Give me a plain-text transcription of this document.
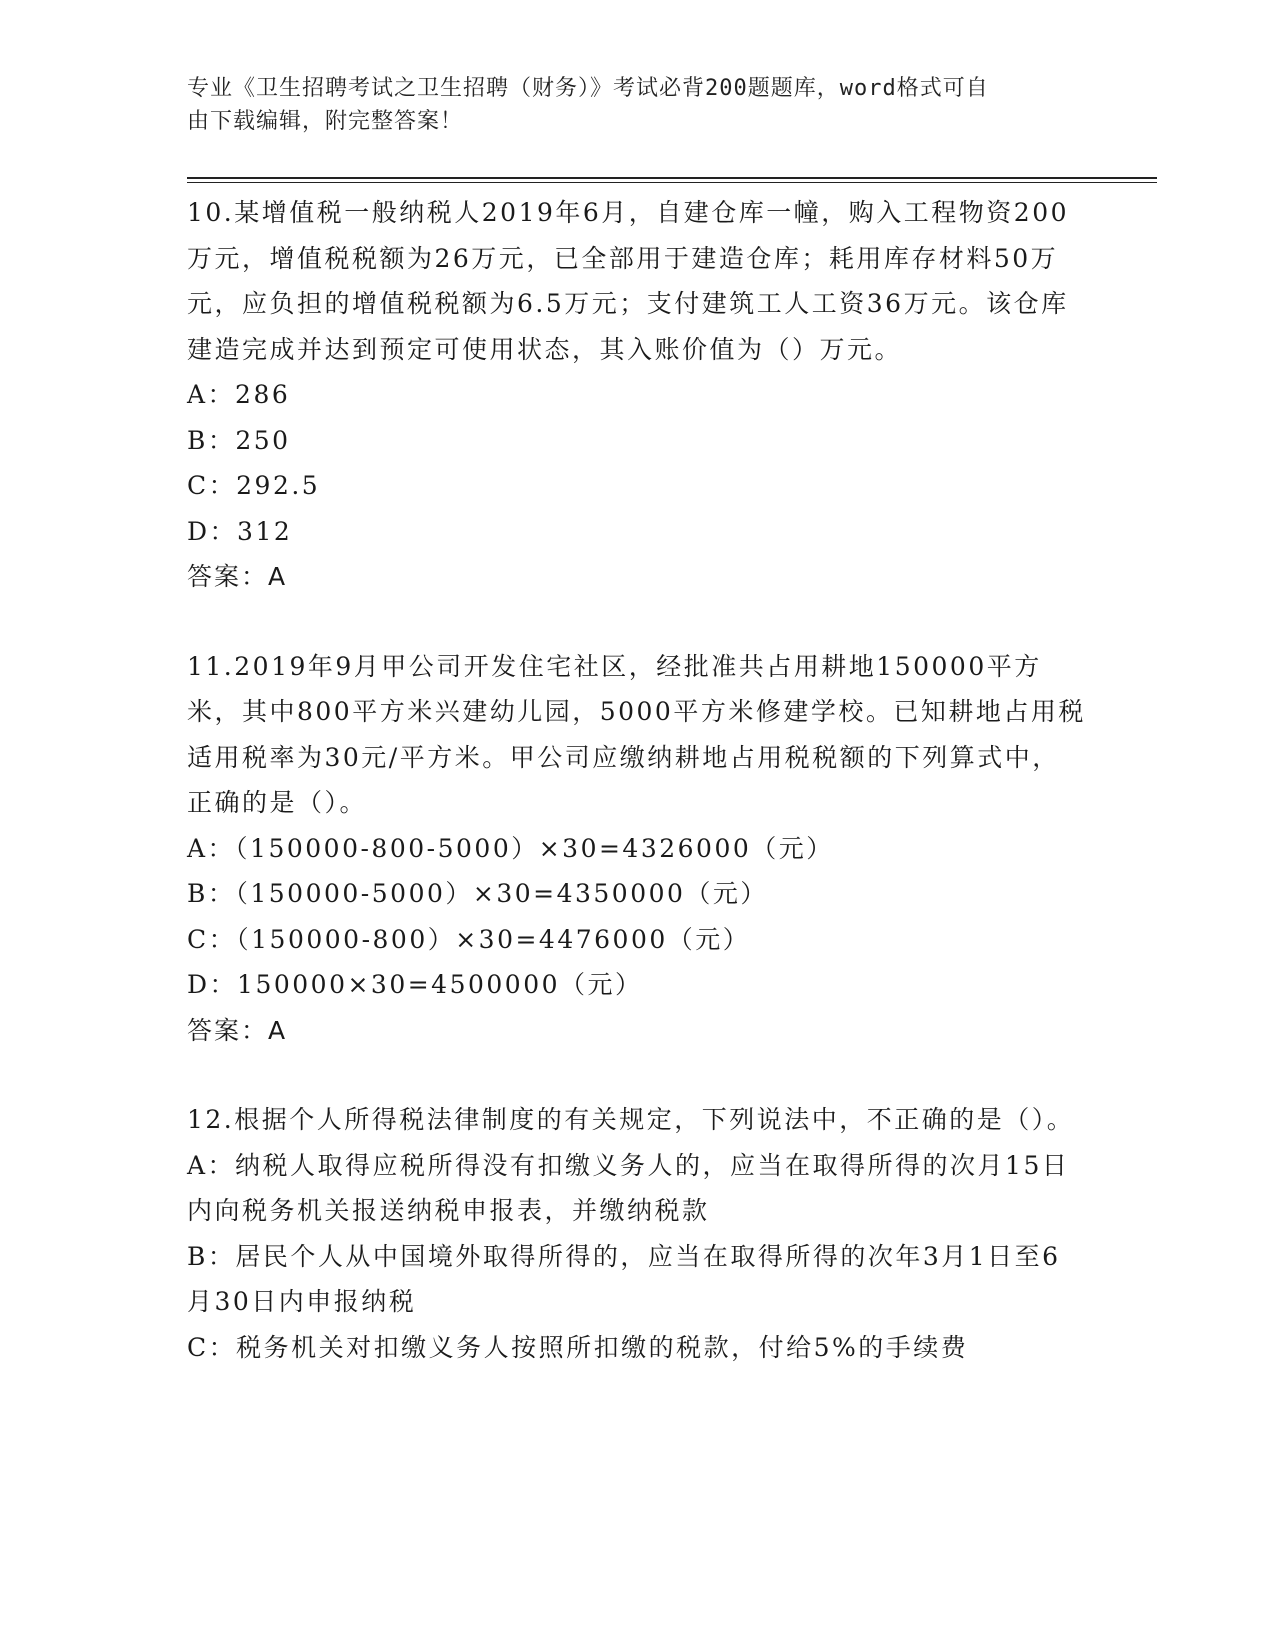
专业《卫生招聘考试之卫生招聘（财务）》考试必背200题题库，word格式可自
由下载编辑，附完整答案！

10.某增值税一般纳税人2019年6月，自建仓库一幢，购入工程物资200万元，增值税税额为26万元，已全部用于建造仓库；耗用库存材料50万元，应负担的增值税税额为6.5万元；支付建筑工人工资36万元。该仓库建造完成并达到预定可使用状态，其入账价值为（）万元。

A：286

B：250

C：292.5

D：312

答案：A

11.2019年9月甲公司开发住宅社区，经批准共占用耕地150000平方米，其中800平方米兴建幼儿园，5000平方米修建学校。已知耕地占用税适用税率为30元/平方米。甲公司应缴纳耕地占用税税额的下列算式中，正确的是（）。

A：（150000-800-5000）×30=4326000（元）

B：（150000-5000）×30=4350000（元）

C：（150000-800）×30=4476000（元）

D：150000×30=4500000（元）

答案：A

12.根据个人所得税法律制度的有关规定，下列说法中，不正确的是（）。

A：纳税人取得应税所得没有扣缴义务人的，应当在取得所得的次月15日内向税务机关报送纳税申报表，并缴纳税款

B：居民个人从中国境外取得所得的，应当在取得所得的次年3月1日至6月30日内申报纳税

C：税务机关对扣缴义务人按照所扣缴的税款，付给5%的手续费
